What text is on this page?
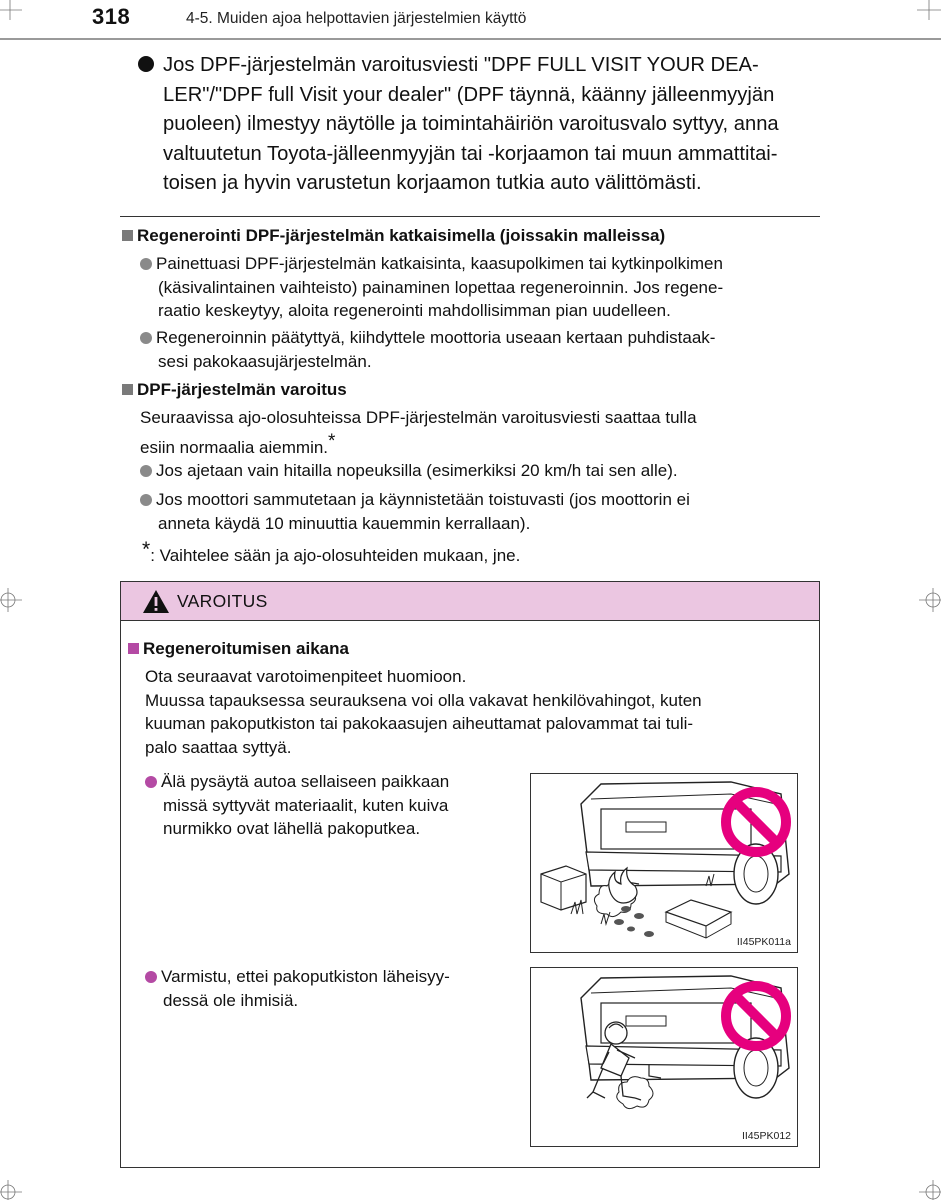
318	4-5. Muiden ajoa helpottavien järjestelmien käyttö
Jos DPF-järjestelmän varoitusviesti "DPF FULL VISIT YOUR DEA-
LER"/"DPF full Visit your dealer" (DPF täynnä, käänny jälleenmyyjän
puoleen) ilmestyy näytölle ja toimintahäiriön varoitusvalo syttyy, anna
valtuutetun Toyota-jälleenmyyjän tai -korjaamon tai muun ammattitai-
toisen ja hyvin varustetun korjaamon tutkia auto välittömästi.
Regenerointi DPF-järjestelmän katkaisimella (joissakin malleissa)
Painettuasi DPF-järjestelmän katkaisinta, kaasupolkimen tai kytkinpolkimen
(käsivalintainen vaihteisto) painaminen lopettaa regeneroinnin. Jos regene-
raatio keskeytyy, aloita regenerointi mahdollisimman pian uudelleen.
Regeneroinnin päätyttyä, kiihdyttele moottoria useaan kertaan puhdistaak-
sesi pakokaasujärjestelmän.
DPF-järjestelmän varoitus
Seuraavissa ajo-olosuhteissa DPF-järjestelmän varoitusviesti saattaa tulla
esiin normaalia aiemmin.*
Jos ajetaan vain hitailla nopeuksilla (esimerkiksi 20 km/h tai sen alle).
Jos moottori sammutetaan ja käynnistetään toistuvasti (jos moottorin ei
anneta käydä 10 minuuttia kauemmin kerrallaan).
*: Vaihtelee sään ja ajo-olosuhteiden mukaan, jne.
VAROITUS
Regeneroitumisen aikana
Ota seuraavat varotoimenpiteet huomioon.
Muussa tapauksessa seurauksena voi olla vakavat henkilövahingot, kuten
kuuman pakoputkiston tai pakokaasujen aiheuttamat palovammat tai tuli-
palo saattaa syttyä.
Älä pysäytä autoa sellaiseen paikkaan
missä syttyvät materiaalit, kuten kuiva
nurmikko ovat lähellä pakoputkea.
II45PK011a
Varmistu, ettei pakoputkiston läheisyy-
dessä ole ihmisiä.
II45PK012
